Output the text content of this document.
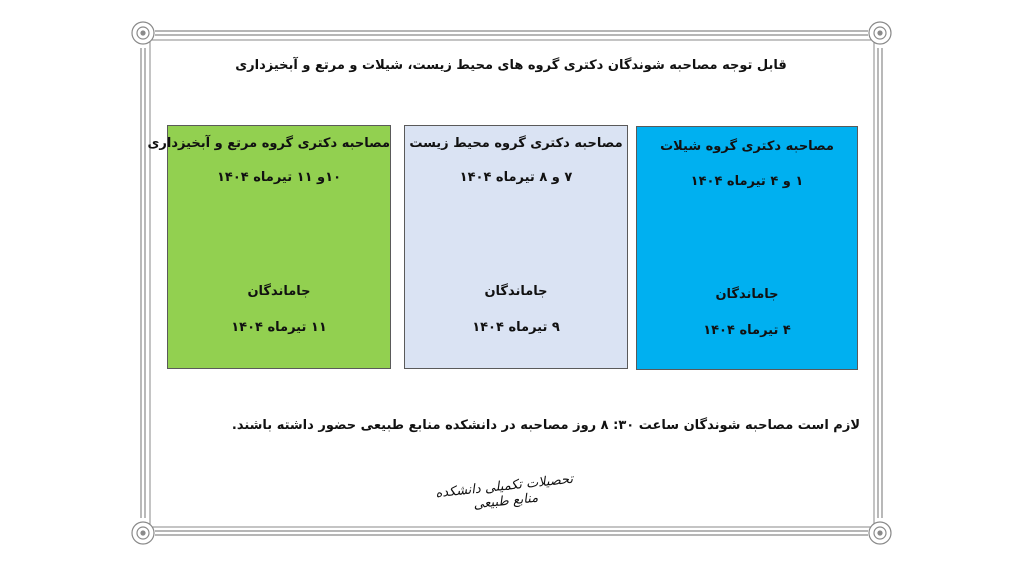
قابل توجه مصاحبه شوندگان دکتری گروه های محیط زیست، شیلات و مرتع و آبخیزداری
مصاحبه دکتری گروه مرتع و آبخیزداری
۱۰و ۱۱ تیرماه ۱۴۰۴
جاماندگان
۱۱ تیرماه ۱۴۰۴
مصاحبه دکتری گروه محیط زیست
۷ و ۸ تیرماه ۱۴۰۴
جاماندگان
۹ تیرماه ۱۴۰۴
مصاحبه دکتری گروه شیلات
۱ و ۴ تیرماه ۱۴۰۴
جاماندگان
۴ تیرماه ۱۴۰۴
لازم است مصاحبه شوندگان ساعت ۳۰: ۸ روز مصاحبه در دانشکده منابع طبیعی حضور داشته باشند.
تحصیلات تکمیلی دانشکده منابع طبیعی
